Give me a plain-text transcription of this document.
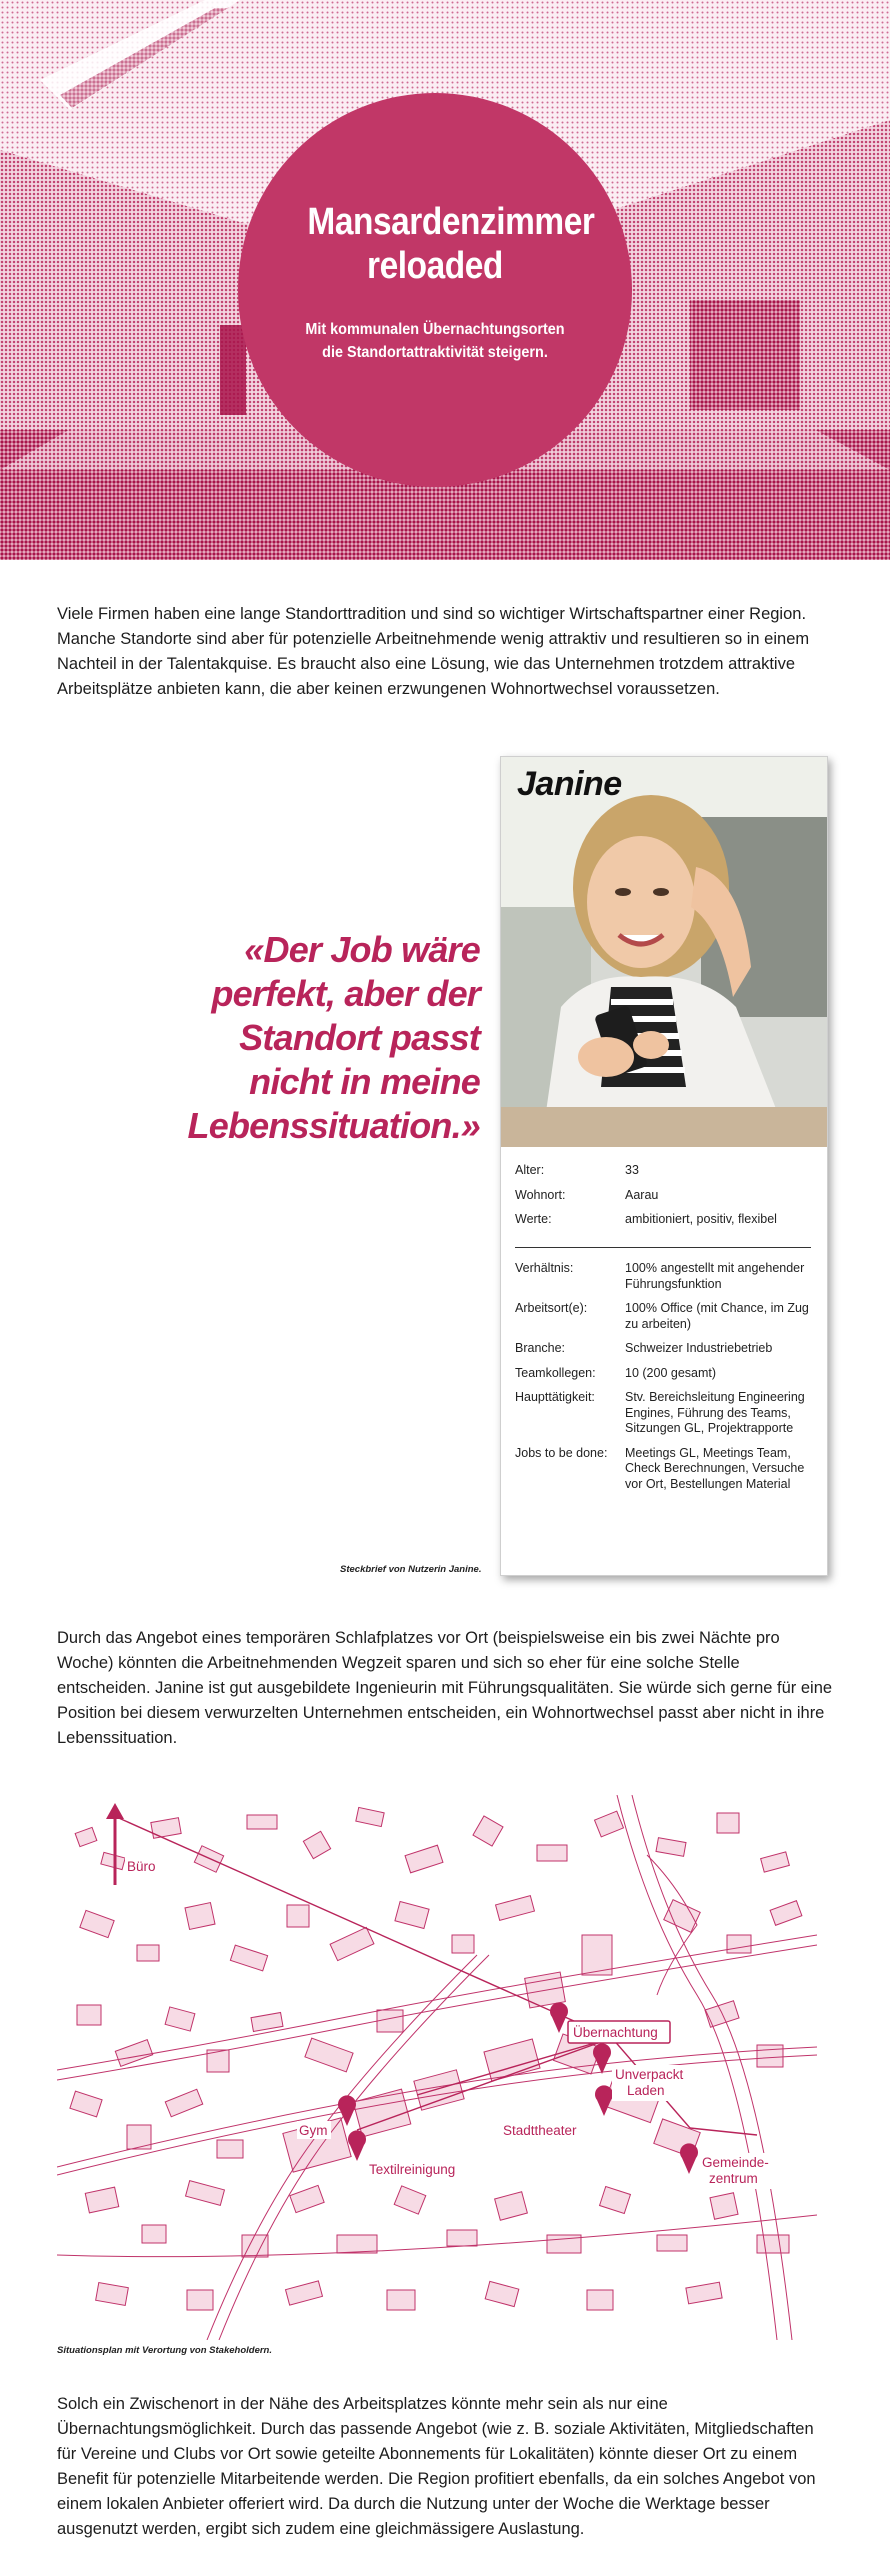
Mansardenzimmer
reloaded
Mit kommunalen Übernachtungsorten
die Standortattraktivität steigern.
Viele Firmen haben eine lange Standorttradition und sind so wichtiger Wirtschaftspartner einer Region. Manche Standorte sind aber für potenzielle Arbeitnehmende wenig attraktiv und resultieren so in einem Nachteil in der Talentakquise. Es braucht also eine Lösung, wie das Unternehmen trotzdem attraktive Arbeitsplätze anbieten kann, die aber keinen erzwungenen Wohnortwechsel voraussetzen.
«Der Job wäre
perfekt, aber der
Standort passt
nicht in meine
Lebenssituation.»
Janine
Alter:	33
Wohnort:	Aarau
Werte:	ambitioniert, positiv, flexibel
Verhältnis:	100% angestellt mit angehender Führungsfunktion
Arbeitsort(e):	100% Office (mit Chance, im Zug zu arbeiten)
Branche:	Schweizer Industriebetrieb
Teamkollegen:	10 (200 gesamt)
Haupttätigkeit:	Stv. Bereichsleitung Engineering Engines, Führung des Teams, Sitzungen GL, Projektrapporte
Jobs to be done:	Meetings GL, Meetings Team, Check Berechnungen, Versuche vor Ort, Bestellungen Material
Steckbrief von Nutzerin Janine.
Durch das Angebot eines temporären Schlafplatzes vor Ort (beispielsweise ein bis zwei Nächte pro Woche) könnten die Arbeitnehmenden Wegzeit sparen und sich so eher für eine solche Stelle entscheiden. Janine ist gut ausgebildete Ingenieurin mit Führungsqualitäten. Sie würde sich gerne für eine Position bei diesem verwurzelten Unternehmen entscheiden, ein Wohnortwechsel passt aber nicht in ihre Lebenssituation.
Büro
Übernachtung
Unverpackt
Laden
Gym	Stadttheater
Textilreinigung	Gemeinde-
zentrum
Situationsplan mit Verortung von Stakeholdern.
Solch ein Zwischenort in der Nähe des Arbeitsplatzes könnte mehr sein als nur eine Übernachtungsmöglichkeit. Durch das passende Angebot (wie z. B. soziale Aktivitäten, Mitgliedschaften für Vereine und Clubs vor Ort sowie geteilte Abonnements für Lokalitäten) könnte dieser Ort zu einem Benefit für potenzielle Mitarbeitende werden. Die Region profitiert ebenfalls, da ein solches Angebot von einem lokalen Anbieter offeriert wird. Da durch die Nutzung unter der Woche die Werktage besser ausgenutzt werden, ergibt sich zudem eine gleichmässigere Auslastung.
